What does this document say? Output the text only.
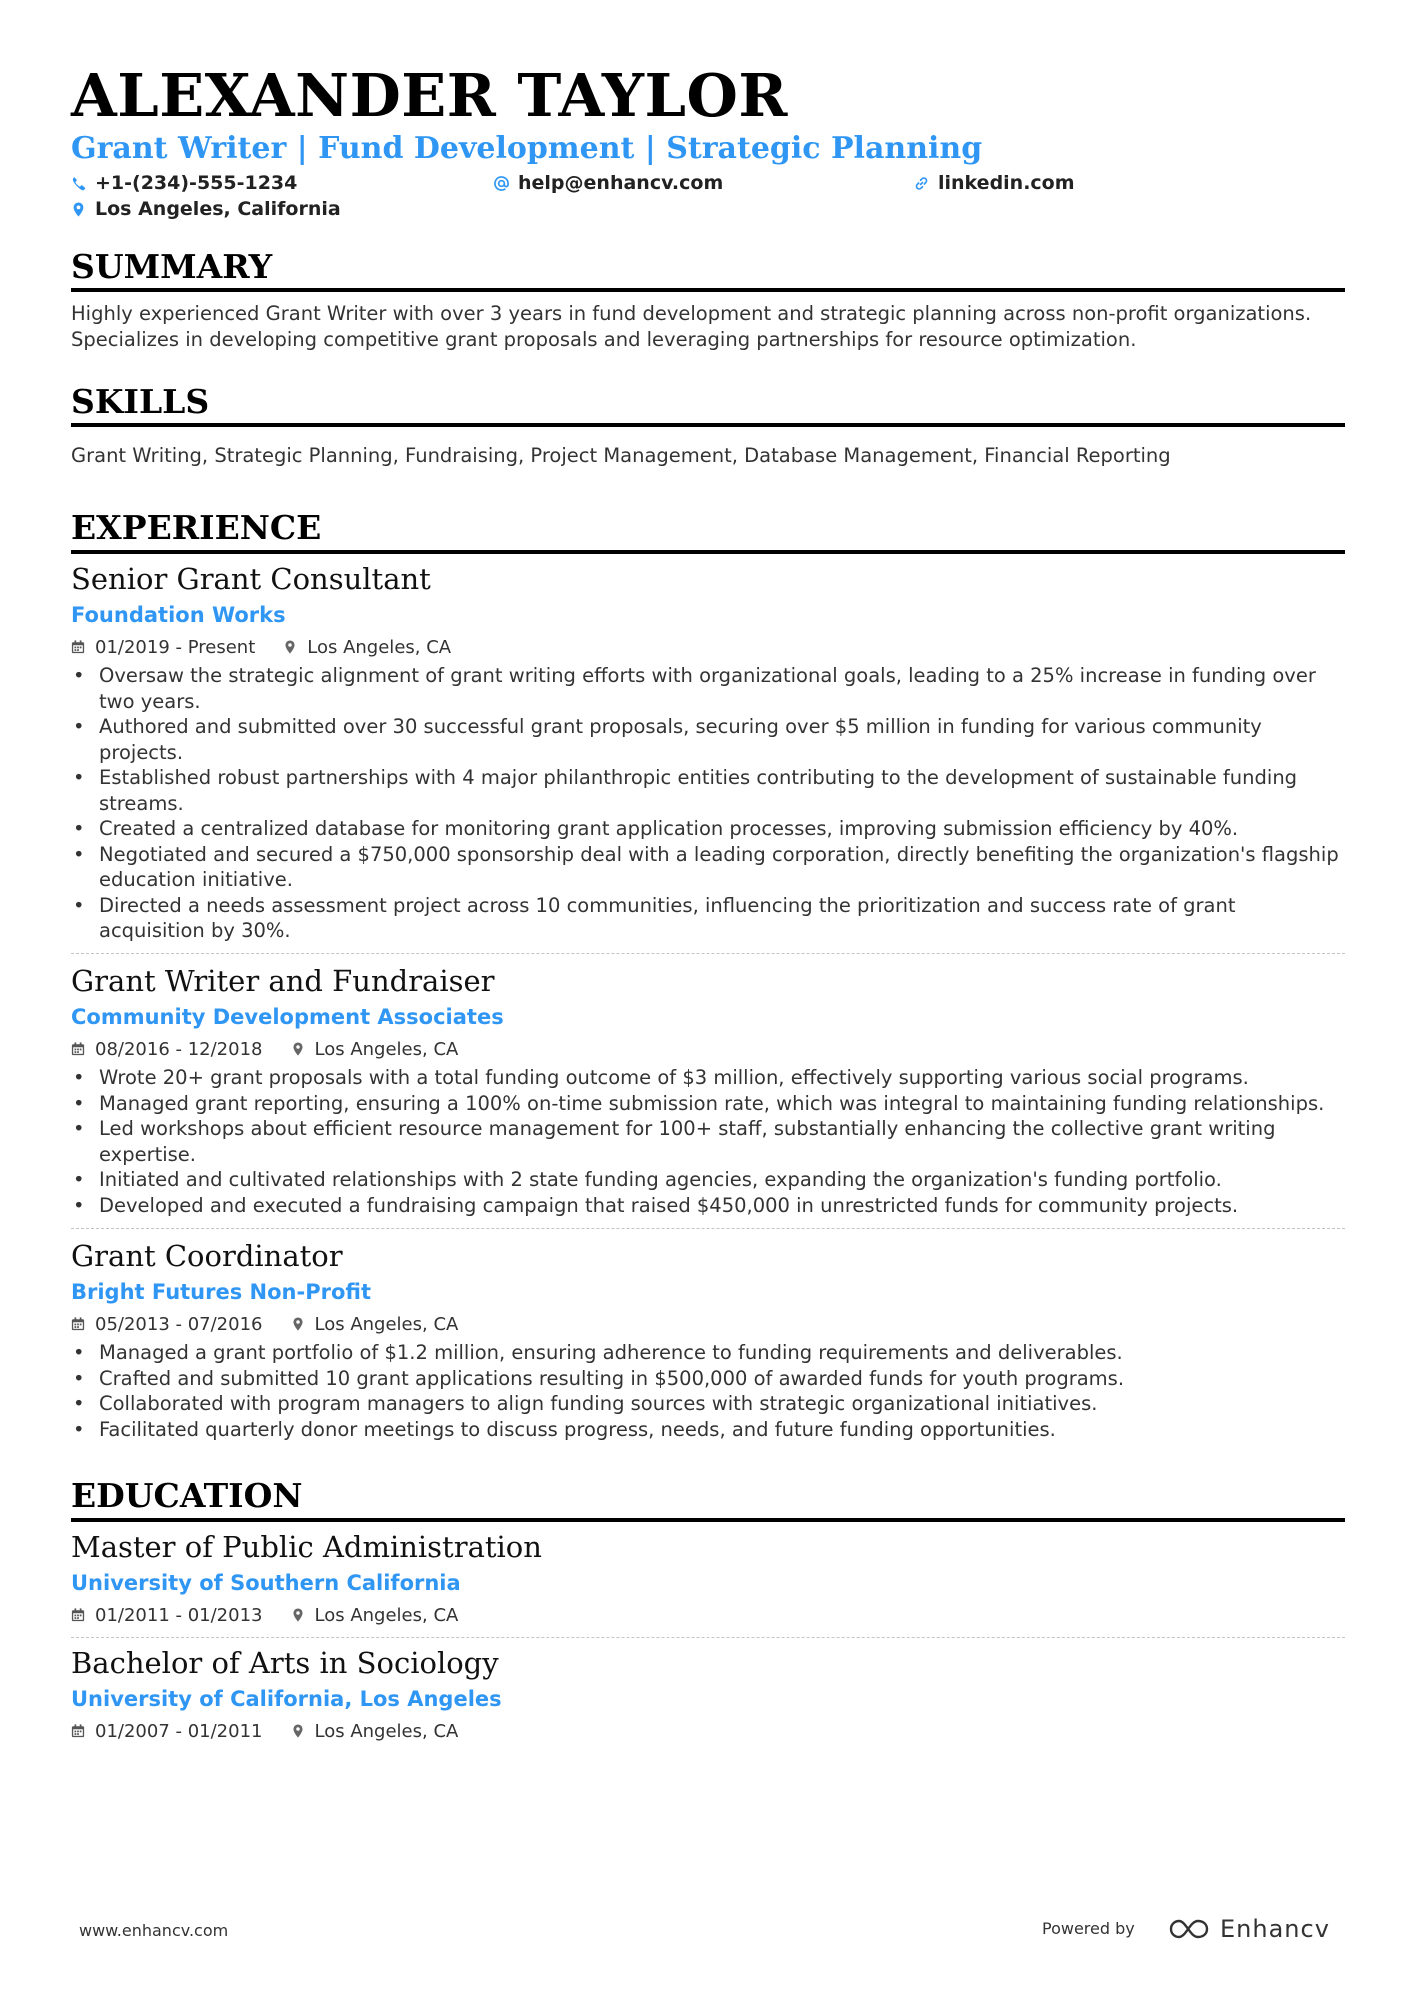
ALEXANDER TAYLOR
Grant Writer | Fund Development | Strategic Planning
+1-(234)-555-1234	help@enhancv.com	linkedin.com
Los Angeles, California
SUMMARY
Highly experienced Grant Writer with over 3 years in fund development and strategic planning across non-profit organizations. Specializes in developing competitive grant proposals and leveraging partnerships for resource optimization.
SKILLS
Grant Writing, Strategic Planning, Fundraising, Project Management, Database Management, Financial Reporting
EXPERIENCE
Senior Grant Consultant
Foundation Works
01/2019 - Present	Los Angeles, CA
• Oversaw the strategic alignment of grant writing efforts with organizational goals, leading to a 25% increase in funding over two years.
• Authored and submitted over 30 successful grant proposals, securing over $5 million in funding for various community projects.
• Established robust partnerships with 4 major philanthropic entities contributing to the development of sustainable funding streams.
• Created a centralized database for monitoring grant application processes, improving submission efficiency by 40%.
• Negotiated and secured a $750,000 sponsorship deal with a leading corporation, directly benefiting the organization's flagship education initiative.
• Directed a needs assessment project across 10 communities, influencing the prioritization and success rate of grant acquisition by 30%.
Grant Writer and Fundraiser
Community Development Associates
08/2016 - 12/2018	Los Angeles, CA
• Wrote 20+ grant proposals with a total funding outcome of $3 million, effectively supporting various social programs.
• Managed grant reporting, ensuring a 100% on-time submission rate, which was integral to maintaining funding relationships.
• Led workshops about efficient resource management for 100+ staff, substantially enhancing the collective grant writing expertise.
• Initiated and cultivated relationships with 2 state funding agencies, expanding the organization's funding portfolio.
• Developed and executed a fundraising campaign that raised $450,000 in unrestricted funds for community projects.
Grant Coordinator
Bright Futures Non-Profit
05/2013 - 07/2016	Los Angeles, CA
• Managed a grant portfolio of $1.2 million, ensuring adherence to funding requirements and deliverables.
• Crafted and submitted 10 grant applications resulting in $500,000 of awarded funds for youth programs.
• Collaborated with program managers to align funding sources with strategic organizational initiatives.
• Facilitated quarterly donor meetings to discuss progress, needs, and future funding opportunities.
EDUCATION
Master of Public Administration
University of Southern California
01/2011 - 01/2013	Los Angeles, CA
Bachelor of Arts in Sociology
University of California, Los Angeles
01/2007 - 01/2011	Los Angeles, CA
www.enhancv.com	Powered by	Enhancv
